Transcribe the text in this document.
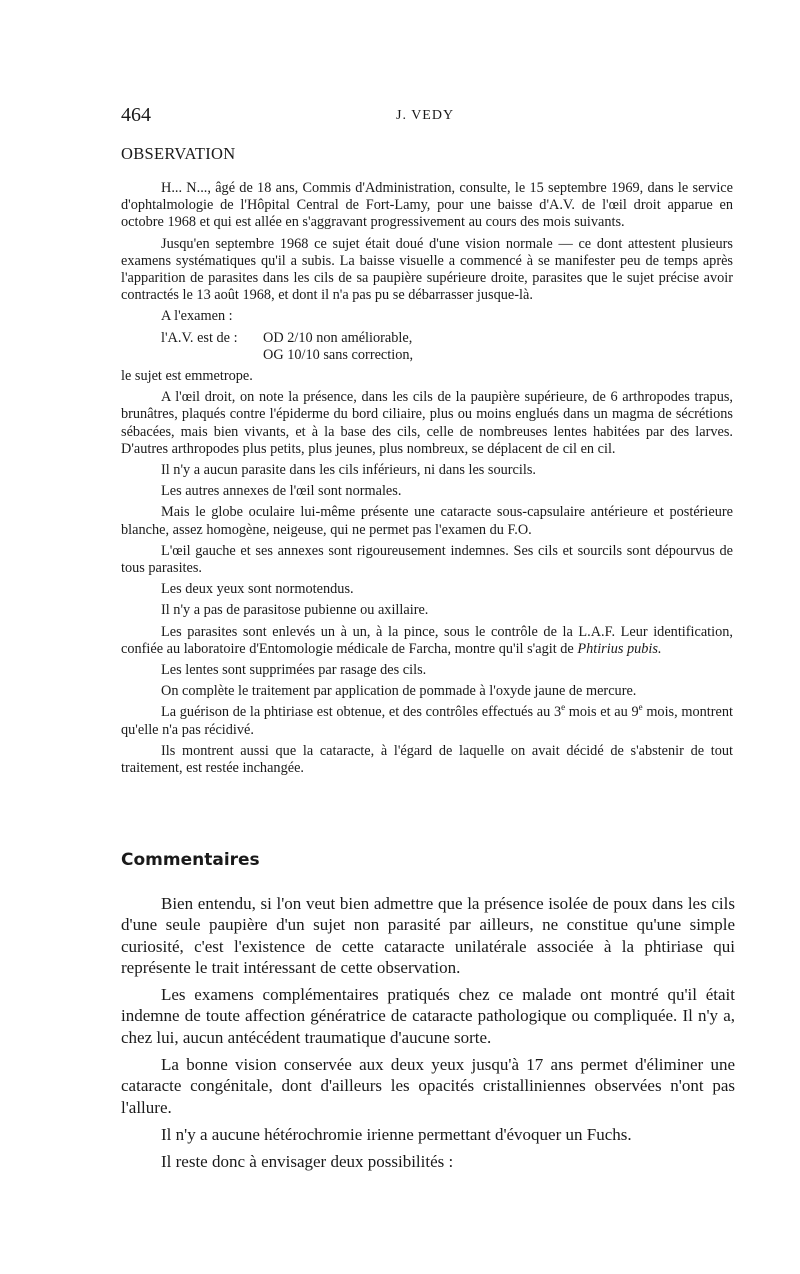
464	J. VEDY
OBSERVATION

H... N..., âgé de 18 ans, Commis d'Administration, consulte, le 15 septembre 1969, dans le service d'ophtalmologie de l'Hôpital Central de Fort-Lamy, pour une baisse d'A.V. de l'œil droit apparue en octobre 1968 et qui est allée en s'aggravant progressivement au cours des mois suivants.

Jusqu'en septembre 1968 ce sujet était doué d'une vision normale — ce dont attestent plusieurs examens systématiques qu'il a subis. La baisse visuelle a commencé à se manifester peu de temps après l'apparition de parasites dans les cils de sa paupière supérieure droite, parasites que le sujet précise avoir contractés le 13 août 1968, et dont il n'a pas pu se débarrasser jusque-là.

A l'examen :

l'A.V. est de :	OD 2/10 non améliorable,
OG 10/10 sans correction,

le sujet est emmetrope.

A l'œil droit, on note la présence, dans les cils de la paupière supérieure, de 6 arthropodes trapus, brunâtres, plaqués contre l'épiderme du bord ciliaire, plus ou moins englués dans un magma de sécrétions sébacées, mais bien vivants, et à la base des cils, celle de nombreuses lentes habitées par des larves. D'autres arthropodes plus petits, plus jeunes, plus nombreux, se déplacent de cil en cil.

Il n'y a aucun parasite dans les cils inférieurs, ni dans les sourcils.

Les autres annexes de l'œil sont normales.

Mais le globe oculaire lui-même présente une cataracte sous-capsulaire antérieure et postérieure blanche, assez homogène, neigeuse, qui ne permet pas l'examen du F.O.

L'œil gauche et ses annexes sont rigoureusement indemnes. Ses cils et sourcils sont dépourvus de tous parasites.

Les deux yeux sont normotendus.

Il n'y a pas de parasitose pubienne ou axillaire.

Les parasites sont enlevés un à un, à la pince, sous le contrôle de la L.A.F. Leur identification, confiée au laboratoire d'Entomologie médicale de Farcha, montre qu'il s'agit de Phtirius pubis.

Les lentes sont supprimées par rasage des cils.

On complète le traitement par application de pommade à l'oxyde jaune de mercure.

La guérison de la phtiriase est obtenue, et des contrôles effectués au 3e mois et au 9e mois, montrent qu'elle n'a pas récidivé.

Ils montrent aussi que la cataracte, à l'égard de laquelle on avait décidé de s'abstenir de tout traitement, est restée inchangée.

Commentaires

Bien entendu, si l'on veut bien admettre que la présence isolée de poux dans les cils d'une seule paupière d'un sujet non parasité par ailleurs, ne constitue qu'une simple curiosité, c'est l'existence de cette cataracte unilatérale associée à la phtiriase qui représente le trait intéressant de cette observation.

Les examens complémentaires pratiqués chez ce malade ont montré qu'il était indemne de toute affection génératrice de cataracte pathologique ou compliquée. Il n'y a, chez lui, aucun antécédent traumatique d'aucune sorte.

La bonne vision conservée aux deux yeux jusqu'à 17 ans permet d'éliminer une cataracte congénitale, dont d'ailleurs les opacités cristalliniennes observées n'ont pas l'allure.

Il n'y a aucune hétérochromie irienne permettant d'évoquer un Fuchs.

Il reste donc à envisager deux possibilités :
